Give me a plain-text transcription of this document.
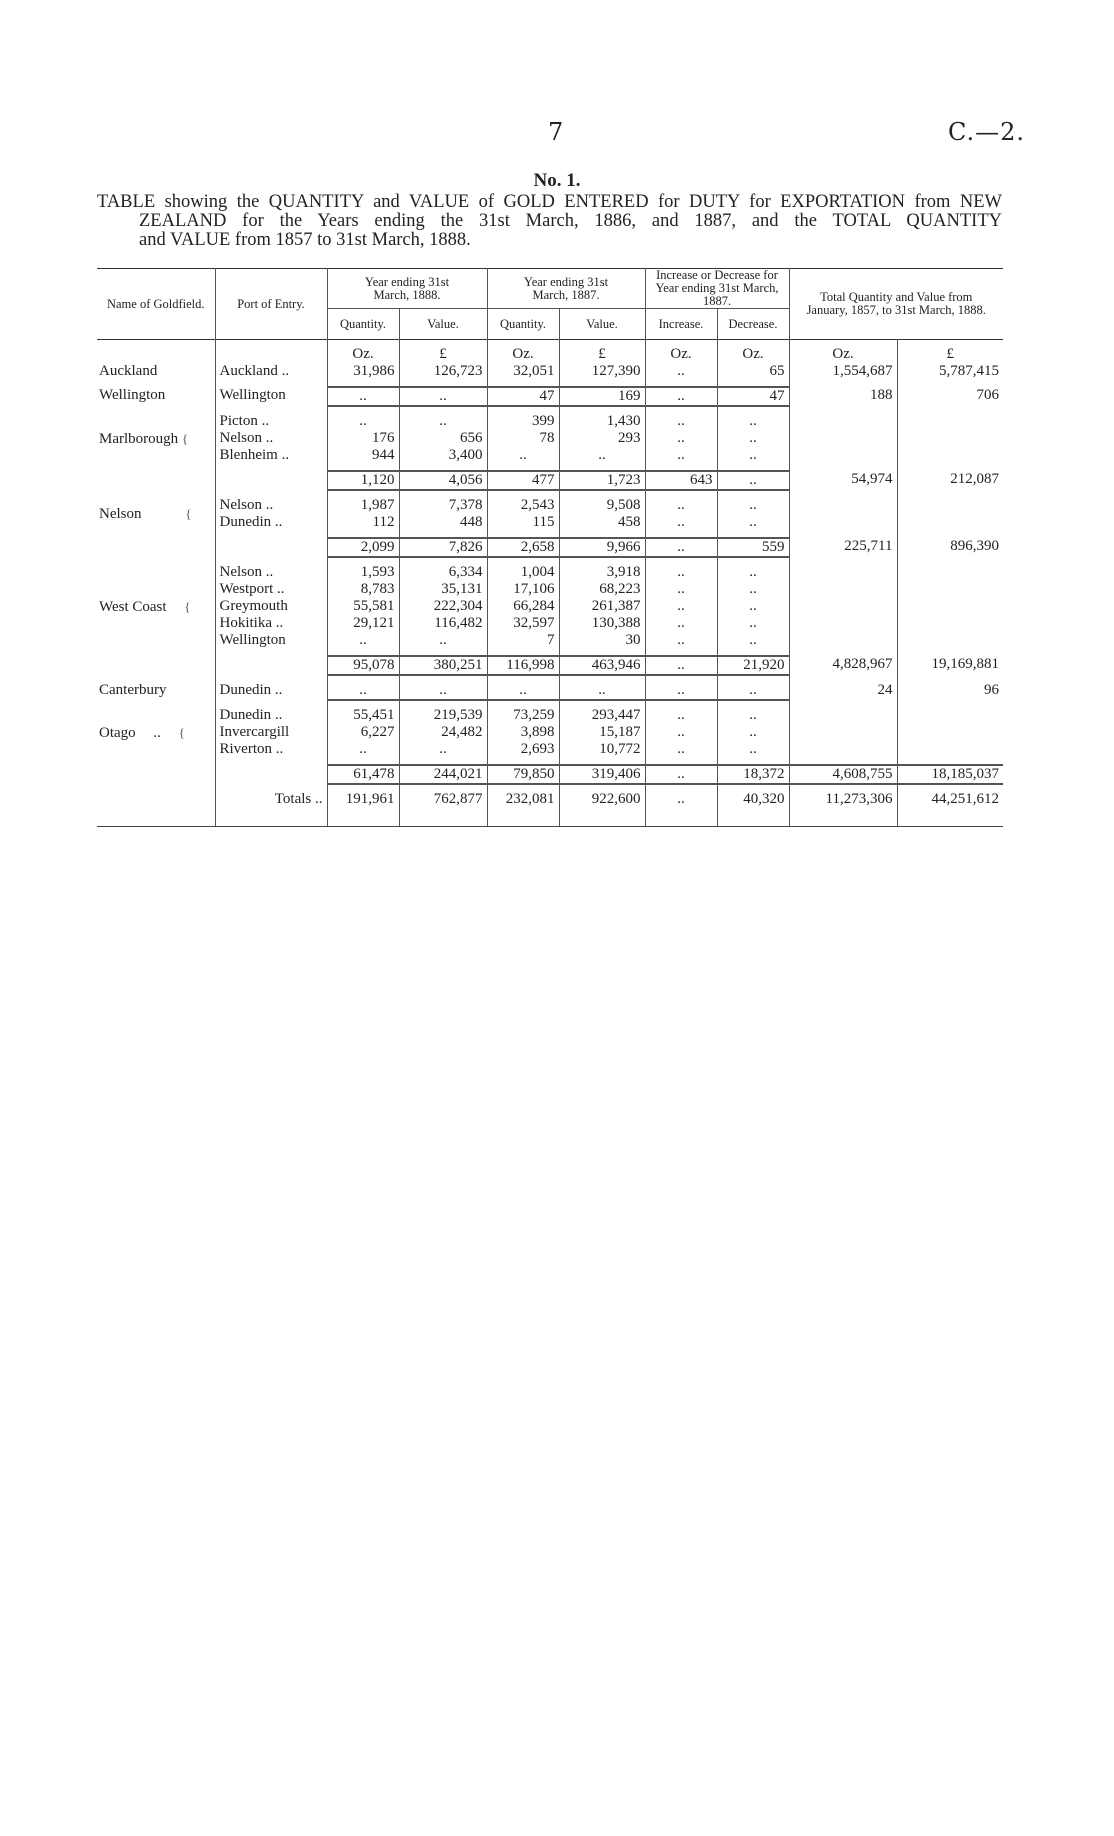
7	C.—2.
No. 1.

TABLE showing the QUANTITY and VALUE of GOLD ENTERED for DUTY for EXPORTATION from NEW

ZEALAND for the Years ending the 31st March, 1886, and 1887, and the TOTAL QUANTITY

and VALUE from 1857 to 31st March, 1888.

Name of Goldfield.	Port of Entry.	Year ending 31st March, 1888.		Year ending 31st March, 1887.		Increase or Decrease for Year ending 31st March, 1887.		Total Quantity and Value from January, 1857, to 31st March, 1888.	
		Quantity.	Value.	Quantity.	Value.	Increase.	Decrease.		

		Oz.	£	Oz.	£	Oz.	Oz.	Oz.	£
Auckland	Auckland ..	31,986	126,723	32,051	127,390	..	65	1,554,687	5,787,415

Wellington	Wellington	..	..	47	169	..	47	188	706

Marlborough {	Picton ..	..	..	399	1,430	..	..		
	Nelson ..	176	656	78	293	..	..		
	Blenheim ..	944	3,400	..	..	..	..		

		1,120	4,056	477	1,723	643	..	54,974	212,087

Nelson {	Nelson ..	1,987	7,378	2,543	9,508	..	..		
	Dunedin ..	112	448	115	458	..	..		

		2,099	7,826	2,658	9,966	..	559	225,711	896,390

West Coast {	Nelson ..	1,593	6,334	1,004	3,918	..	..		
	Westport ..	8,783	35,131	17,106	68,223	..	..		
	Greymouth	55,581	222,304	66,284	261,387	..	..		
	Hokitika ..	29,121	116,482	32,597	130,388	..	..		
	Wellington	..	..	7	30	..	..		

		95,078	380,251	116,998	463,946	..	21,920	4,828,967	19,169,881

Canterbury	Dunedin ..	..	..	..	..	..	..	24	96

Otago .. {	Dunedin ..	55,451	219,539	73,259	293,447	..	..		
	Invercargill	6,227	24,482	3,898	15,187	..	..		
	Riverton ..	..	..	2,693	10,772	..	..		

		61,478	244,021	79,850	319,406	..	18,372	4,608,755	18,185,037

	Totals ..	191,961	762,877	232,081	922,600	..	40,320	11,273,306	44,251,612
